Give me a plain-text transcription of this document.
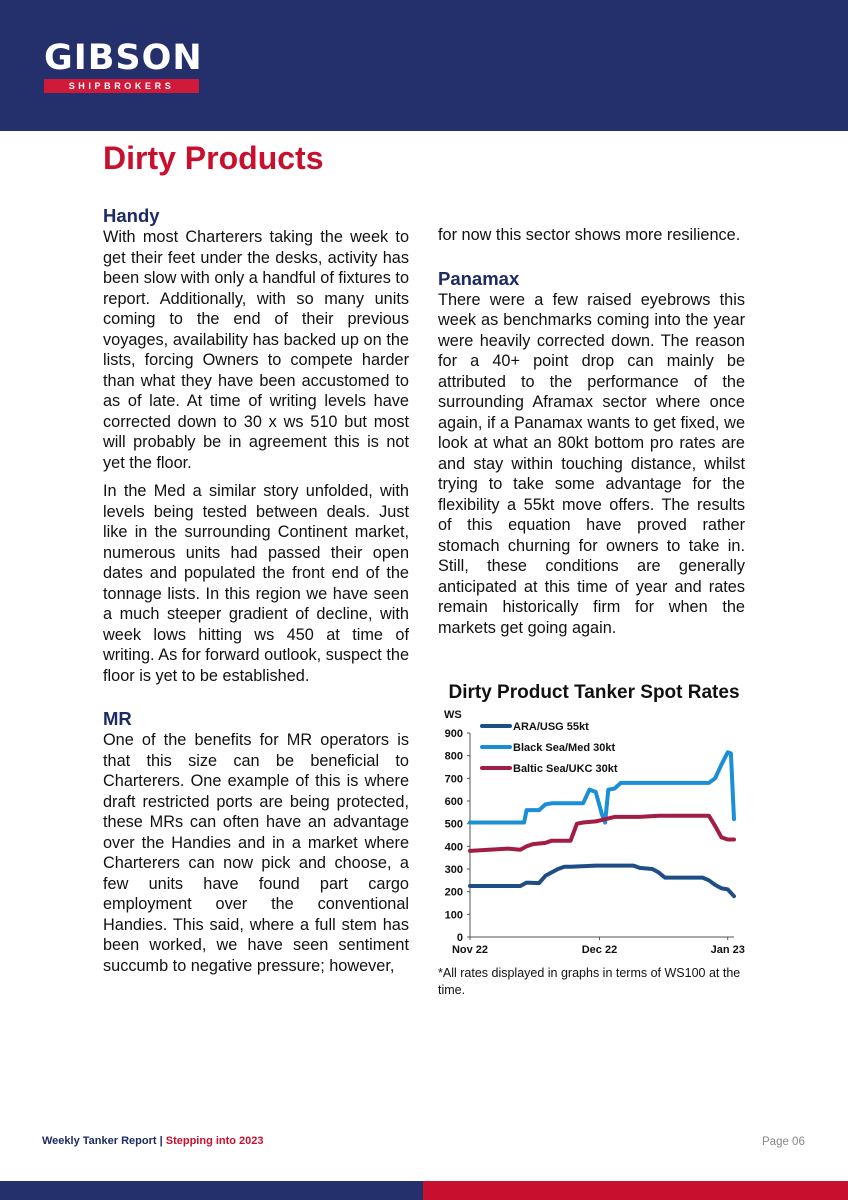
GIBSON
SHIPBROKERS
Dirty Products
Handy

With most Charterers taking the week to get their feet under the desks, activity has been slow with only a handful of fixtures to report. Additionally, with so many units coming to the end of their previous voyages, availability has backed up on the lists, forcing Owners to compete harder than what they have been accustomed to as of late. At time of writing levels have corrected down to 30 x ws 510 but most will probably be in agreement this is not yet the floor.

In the Med a similar story unfolded, with levels being tested between deals. Just like in the surrounding Continent market, numerous units had passed their open dates and populated the front end of the tonnage lists. In this region we have seen a much steeper gradient of decline, with week lows hitting ws 450 at time of writing. As for forward outlook, suspect the floor is yet to be established.

MR

One of the benefits for MR operators is that this size can be beneficial to Charterers. One example of this is where draft restricted ports are being protected, these MRs can often have an advantage over the Handies and in a market where Charterers can now pick and choose, a few units have found part cargo employment over the conventional Handies. This said, where a full stem has been worked, we have seen sentiment succumb to negative pressure; however,

for now this sector shows more resilience.

Panamax

There were a few raised eyebrows this week as benchmarks coming into the year were heavily corrected down. The reason for a 40+ point drop can mainly be attributed to the performance of the surrounding Aframax sector where once again, if a Panamax wants to get fixed, we look at what an 80kt bottom pro rates are and stay within touching distance, whilst trying to take some advantage for the flexibility a 55kt move offers. The results of this equation have proved rather stomach churning for owners to take in. Still, these conditions are generally anticipated at this time of year and rates remain historically firm for when the markets get going again.

Dirty Product Tanker Spot Rates
WS
0
100
200
300
400
500
600
700
800
900
Nov 22	Dec 22	Jan 23
ARA/USG 55kt
Black Sea/Med 30kt
Baltic Sea/UKC 30kt

*All rates displayed in graphs in terms of WS100 at the time.

Weekly Tanker Report | Stepping into 2023	Page 06
